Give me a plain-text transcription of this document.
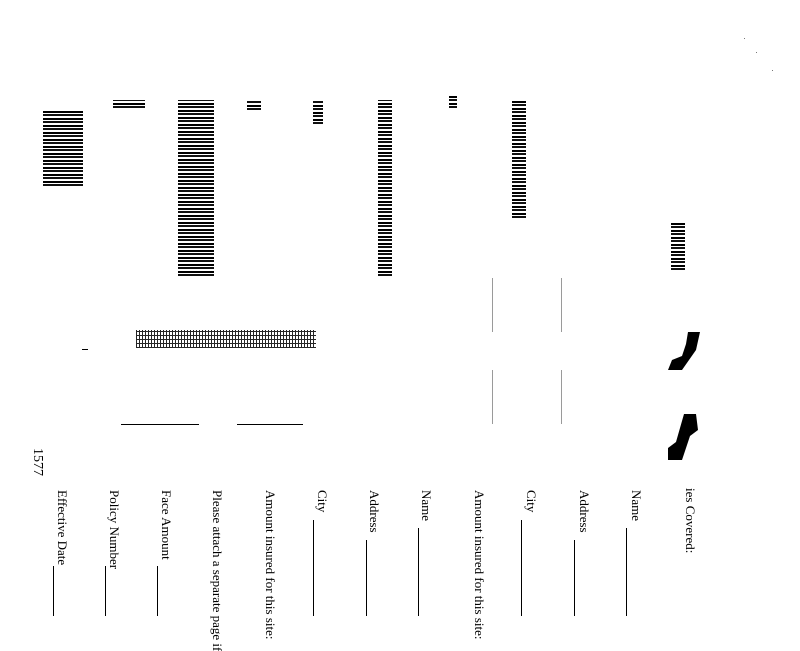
1577
ies Covered:
Name
Address
City
Amount insured for this site:
Name
Address
City
Amount insured for this site:
Please attach a separate page if
Face Amount
Policy Number
Effective Date
